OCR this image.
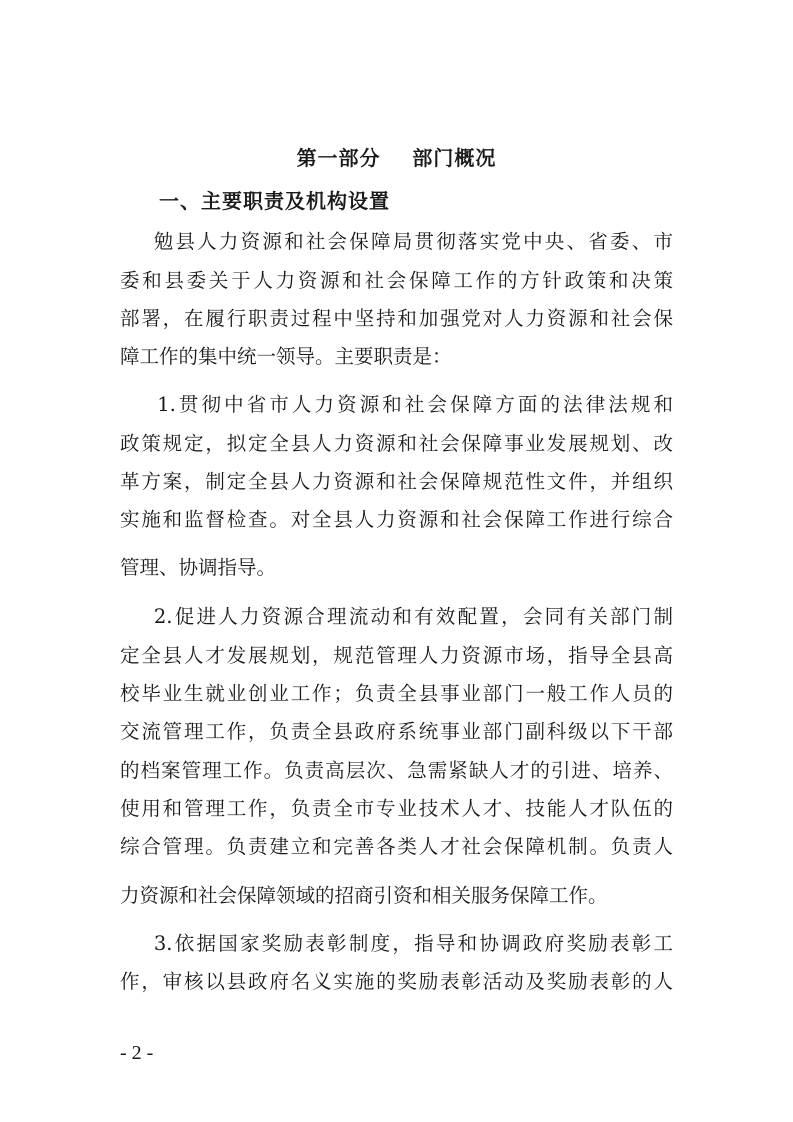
第一部分    部门概况
一、主要职责及机构设置
勉县人力资源和社会保障局贯彻落实党中央、省委、市
委和县委关于人力资源和社会保障工作的方针政策和决策
部署，在履行职责过程中坚持和加强党对人力资源和社会保
障工作的集中统一领导。主要职责是：
1.贯彻中省市人力资源和社会保障方面的法律法规和
政策规定，拟定全县人力资源和社会保障事业发展规划、改
革方案，制定全县人力资源和社会保障规范性文件，并组织
实施和监督检查。对全县人力资源和社会保障工作进行综合
管理、协调指导。
2.促进人力资源合理流动和有效配置，会同有关部门制
定全县人才发展规划，规范管理人力资源市场，指导全县高
校毕业生就业创业工作；负责全县事业部门一般工作人员的
交流管理工作，负责全县政府系统事业部门副科级以下干部
的档案管理工作。负责高层次、急需紧缺人才的引进、培养、
使用和管理工作，负责全市专业技术人才、技能人才队伍的
综合管理。负责建立和完善各类人才社会保障机制。负责人
力资源和社会保障领域的招商引资和相关服务保障工作。
3.依据国家奖励表彰制度，指导和协调政府奖励表彰工
作，审核以县政府名义实施的奖励表彰活动及奖励表彰的人
- 2 -
